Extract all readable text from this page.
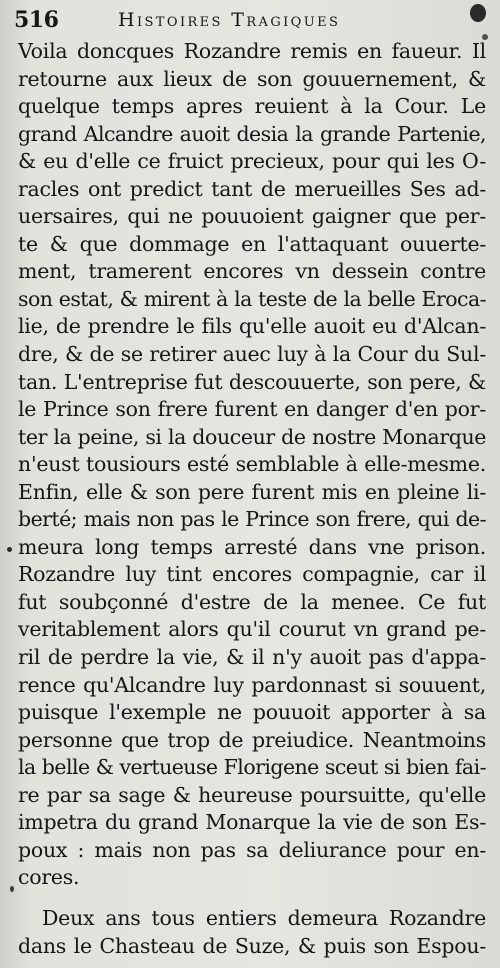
516	Histoires Tragiques
Voila doncques Rozandre remis en faueur. Il
retourne aux lieux de son gouuernement, &
quelque temps apres reuient à la Cour. Le
grand Alcandre auoit desia la grande Partenie,
& eu d'elle ce fruict precieux, pour qui les O-
racles ont predict tant de merueilles Ses ad-
uersaires, qui ne pouuoient gaigner que per-
te & que dommage en l'attaquant ouuerte-
ment, tramerent encores vn dessein contre
son estat, & mirent à la teste de la belle Eroca-
lie, de prendre le fils qu'elle auoit eu d'Alcan-
dre, & de se retirer auec luy à la Cour du Sul-
tan. L'entreprise fut descouuerte, son pere, &
le Prince son frere furent en danger d'en por-
ter la peine, si la douceur de nostre Monarque
n'eust tousiours esté semblable à elle-mesme.
Enfin, elle & son pere furent mis en pleine li-
berté; mais non pas le Prince son frere, qui de-
meura long temps arresté dans vne prison.
Rozandre luy tint encores compagnie, car il
fut soubçonné d'estre de la menee. Ce fut
veritablement alors qu'il courut vn grand pe-
ril de perdre la vie, & il n'y auoit pas d'appa-
rence qu'Alcandre luy pardonnast si souuent,
puisque l'exemple ne pouuoit apporter à sa
personne que trop de preiudice. Neantmoins
la belle & vertueuse Florigene sceut si bien fai-
re par sa sage & heureuse poursuitte, qu'elle
impetra du grand Monarque la vie de son Es-
poux : mais non pas sa deliurance pour en-
cores.
Deux ans tous entiers demeura Rozandre
dans le Chasteau de Suze, & puis son Espou-
